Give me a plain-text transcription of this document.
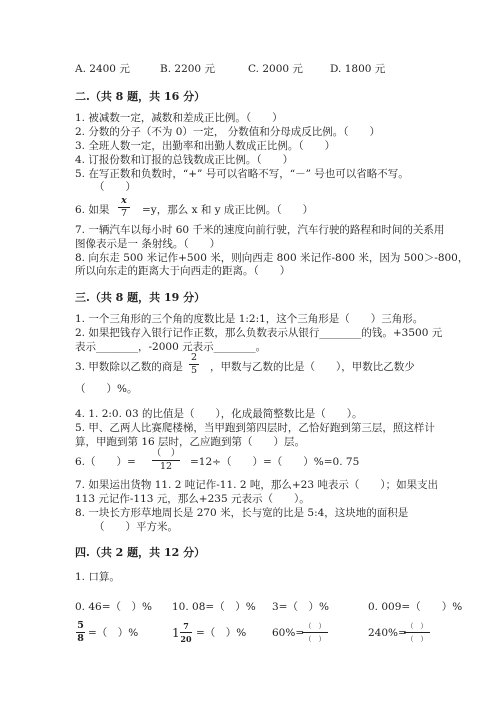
A. 2400 元	B. 2200 元	C. 2000 元	D. 1800 元
二.（共 8 题，共 16 分）
1. 被减数一定，减数和差成正比例。（　　）
2. 分数的分子（不为 0）一定， 分数值和分母成反比例。（　　）
3. 全班人数一定，出勤率和出勤人数成正比例。（　　）
4. 订报份数和订报的总钱数成正比例。（　　）
5. 在写正数和负数时，“+” 号可以省略不写，“－” 号也可以省略不写。
（　　）
6. 如果
x
7 =y，那么 x 和 y 成正比例。（　　）
7. 一辆汽车以每小时 60 千米的速度向前行驶，汽车行驶的路程和时间的关系用
图像表示是一 条射线。（　　）
8. 向东走 500 米记作+500 米，则向西走 800 米记作-800 米，因为 500＞-800，
所以向东走的距离大于向西走的距离。（　　）
三.（共 8 题，共 19 分）
1. 一个三角形的三个角的度数比是 1:2:1，这个三角形是（　　）三角形。
2. 如果把钱存入银行记作正数，那么负数表示从银行________的钱。+3500 元
表示________，-2000 元表示________。
3. 甲数除以乙数的商是
2
5 ，甲数与乙数的比是（　　），甲数比乙数少
（　　）%。
4. 1. 2:0. 03 的比值是（　　），化成最简整数比是（　　）。
5. 甲、乙两人比赛爬楼梯，当甲跑到第四层时，乙恰好跑到第三层，照这样计
算，甲跑到第 16 层时，乙应跑到第（　　）层。
6.（　　）=
（　）
12 =12÷（　　）=（　　）%=0. 75
7. 如果运出货物 11. 2 吨记作-11. 2 吨，那么+23 吨表示（　　）；如果支出
113 元记作-113 元，那么+235 元表示（　　）。
8. 一块长方形草地周长是 270 米，长与宽的比是 5:4，这块地的面积是
（　　）平方米。
四.（共 2 题，共 12 分）
1. 口算。
0. 46=（　）% 10. 08=（　）% 3=（　）%	0. 009=（　　）%
5
8 =（　）%	1 7
20 =（　）% 60%=
（　）
（　）	240%=
（　）
（　）
